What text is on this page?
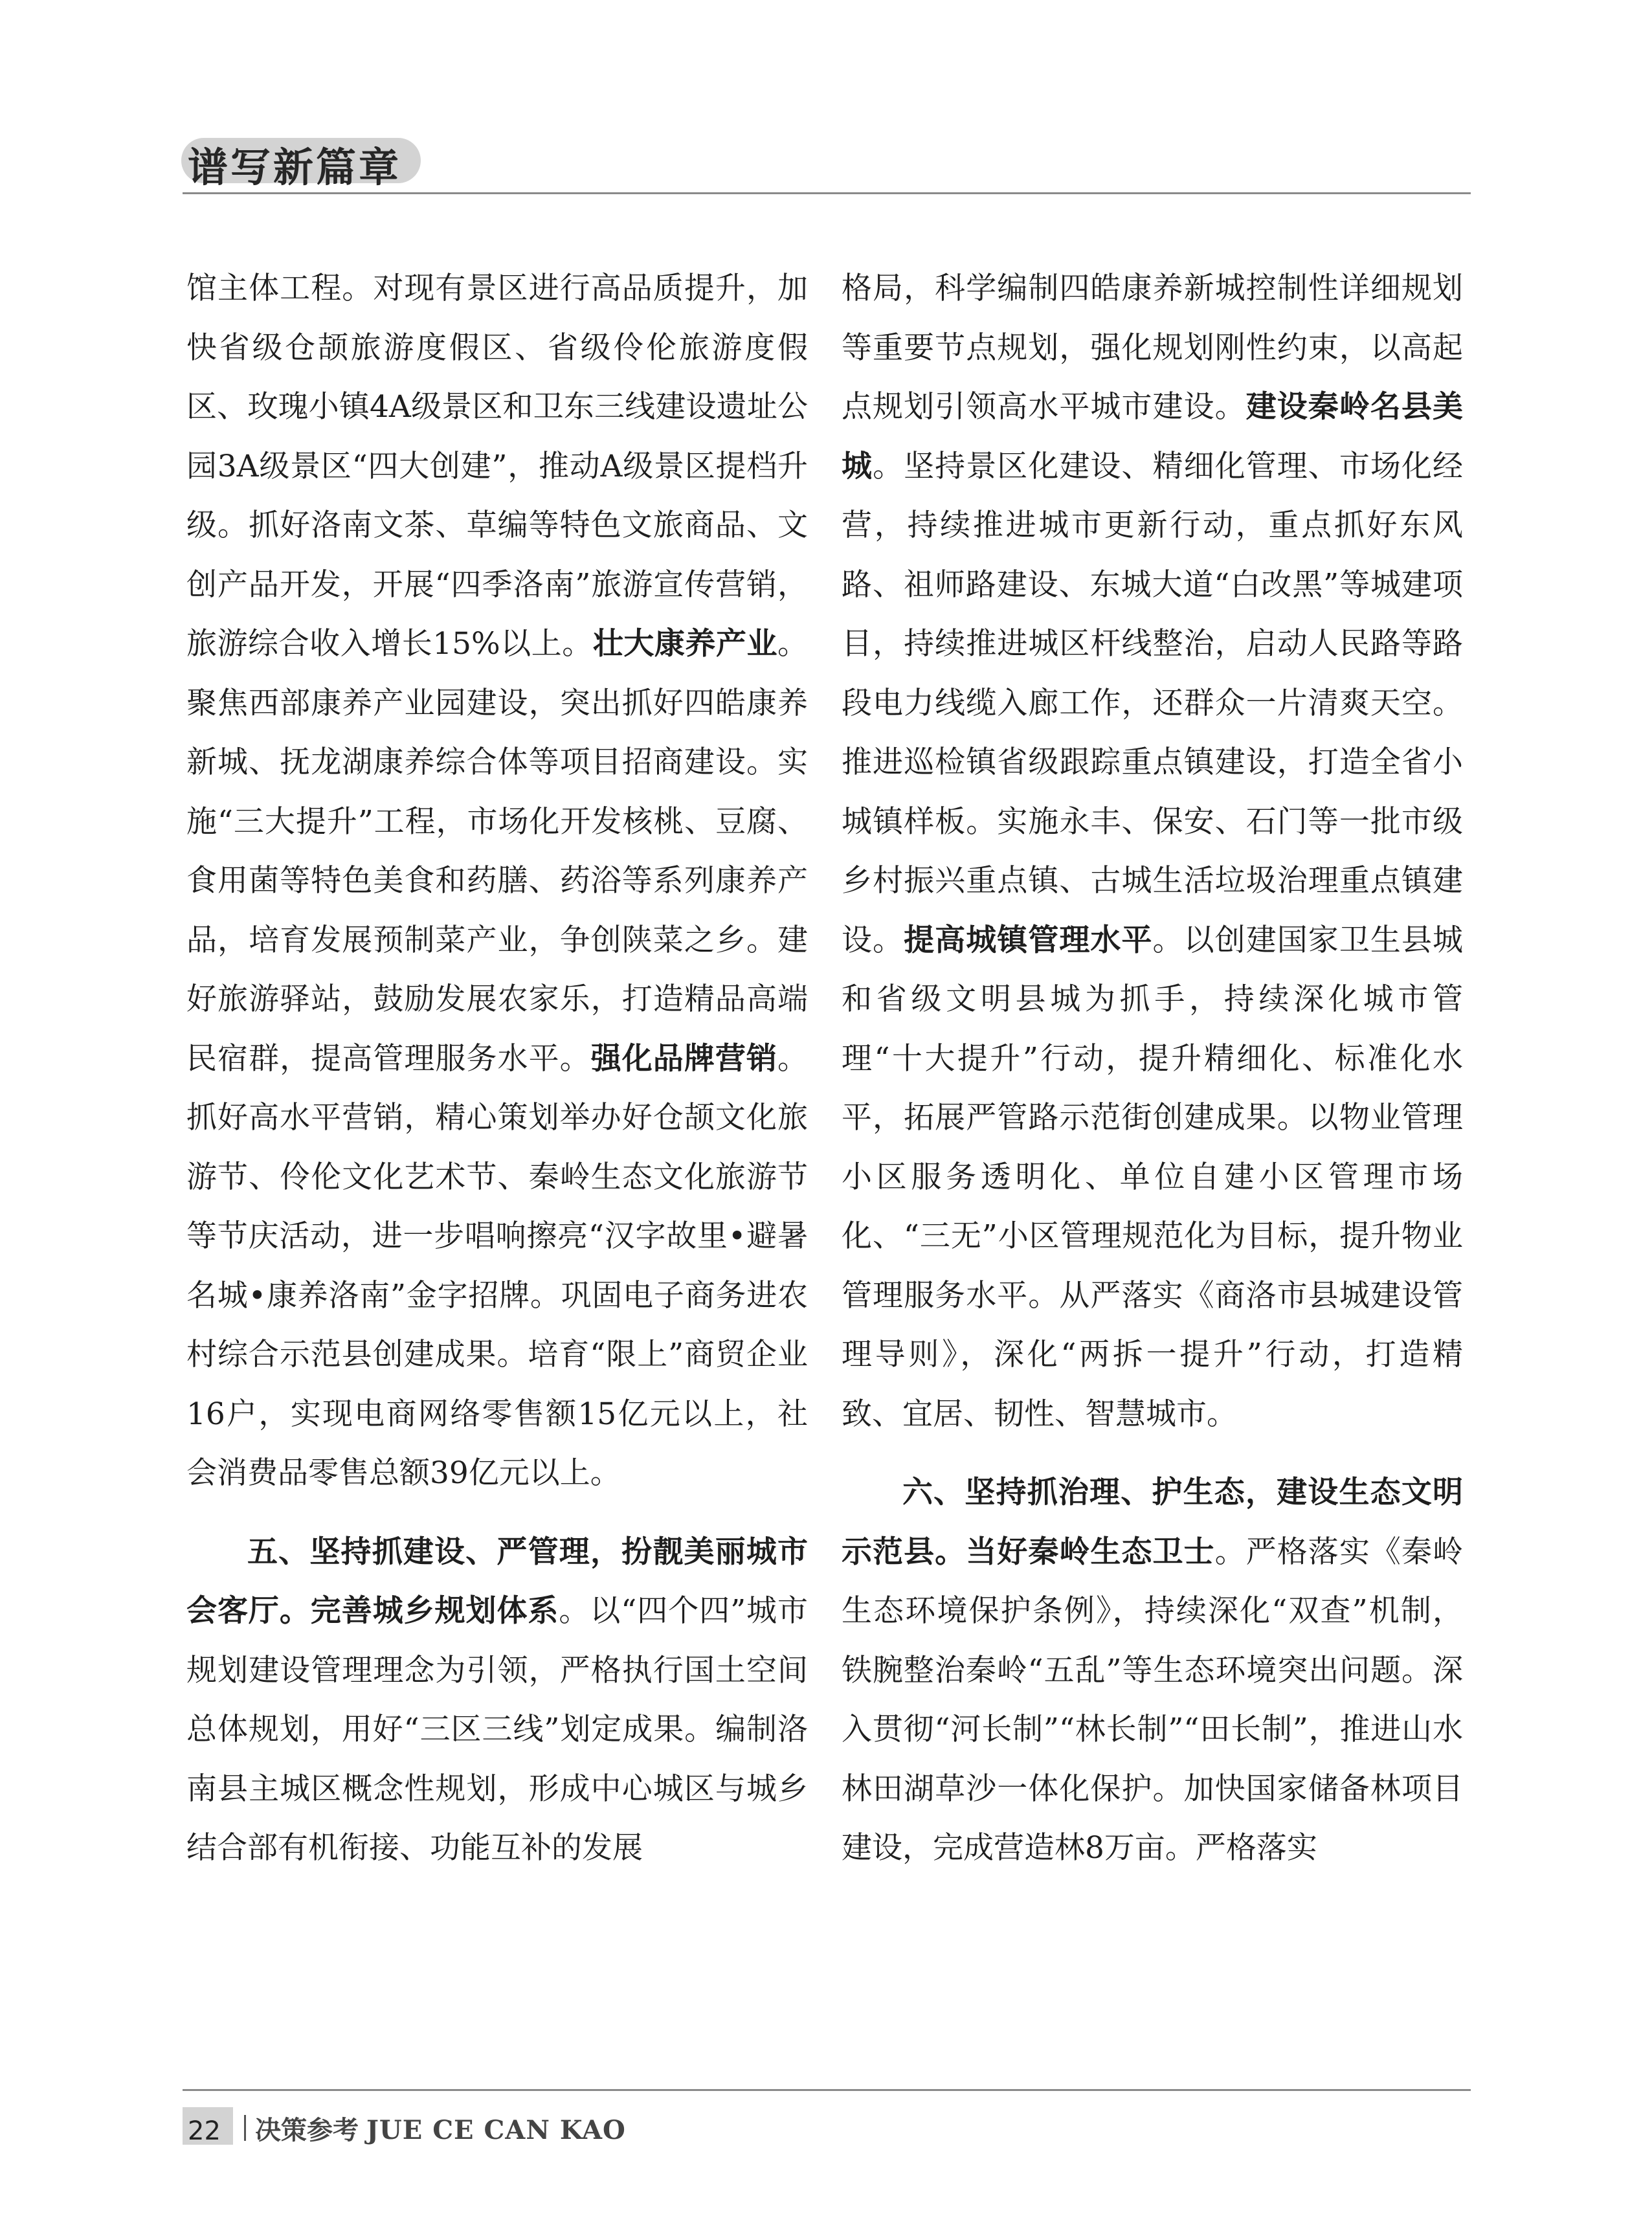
谱写新篇章

馆主体工程。对现有景区进行高品质提升，加快省级仓颉旅游度假区、省级伶伦旅游度假区、玫瑰小镇4A级景区和卫东三线建设遗址公园3A级景区“四大创建”，推动A级景区提档升级。抓好洛南文茶、草编等特色文旅商品、文创产品开发，开展“四季洛南”旅游宣传营销，旅游综合收入增长15%以上。壮大康养产业。聚焦西部康养产业园建设，突出抓好四皓康养新城、抚龙湖康养综合体等项目招商建设。实施“三大提升”工程，市场化开发核桃、豆腐、食用菌等特色美食和药膳、药浴等系列康养产品，培育发展预制菜产业，争创陕菜之乡。建好旅游驿站，鼓励发展农家乐，打造精品高端民宿群，提高管理服务水平。强化品牌营销。抓好高水平营销，精心策划举办好仓颉文化旅游节、伶伦文化艺术节、秦岭生态文化旅游节等节庆活动，进一步唱响擦亮“汉字故里•避暑名城•康养洛南”金字招牌。巩固电子商务进农村综合示范县创建成果。培育“限上”商贸企业16户，实现电商网络零售额15亿元以上，社会消费品零售总额39亿元以上。

五、坚持抓建设、严管理，扮靓美丽城市会客厅。完善城乡规划体系。以“四个四”城市规划建设管理理念为引领，严格执行国土空间总体规划，用好“三区三线”划定成果。编制洛南县主城区概念性规划，形成中心城区与城乡结合部有机衔接、功能互补的发展

格局，科学编制四皓康养新城控制性详细规划等重要节点规划，强化规划刚性约束，以高起点规划引领高水平城市建设。建设秦岭名县美城。坚持景区化建设、精细化管理、市场化经营，持续推进城市更新行动，重点抓好东风路、祖师路建设、东城大道“白改黑”等城建项目，持续推进城区杆线整治，启动人民路等路段电力线缆入廊工作，还群众一片清爽天空。推进巡检镇省级跟踪重点镇建设，打造全省小城镇样板。实施永丰、保安、石门等一批市级乡村振兴重点镇、古城生活垃圾治理重点镇建设。提高城镇管理水平。以创建国家卫生县城和省级文明县城为抓手，持续深化城市管理“十大提升”行动，提升精细化、标准化水平，拓展严管路示范街创建成果。以物业管理小区服务透明化、单位自建小区管理市场化、“三无”小区管理规范化为目标，提升物业管理服务水平。从严落实《商洛市县城建设管理导则》，深化“两拆一提升”行动，打造精致、宜居、韧性、智慧城市。

六、坚持抓治理、护生态，建设生态文明示范县。当好秦岭生态卫士。严格落实《秦岭生态环境保护条例》，持续深化“双查”机制，铁腕整治秦岭“五乱”等生态环境突出问题。深入贯彻“河长制”“林长制”“田长制”，推进山水林田湖草沙一体化保护。加快国家储备林项目建设，完成营造林8万亩。严格落实

22 决策参考 JUE CE CAN KAO
